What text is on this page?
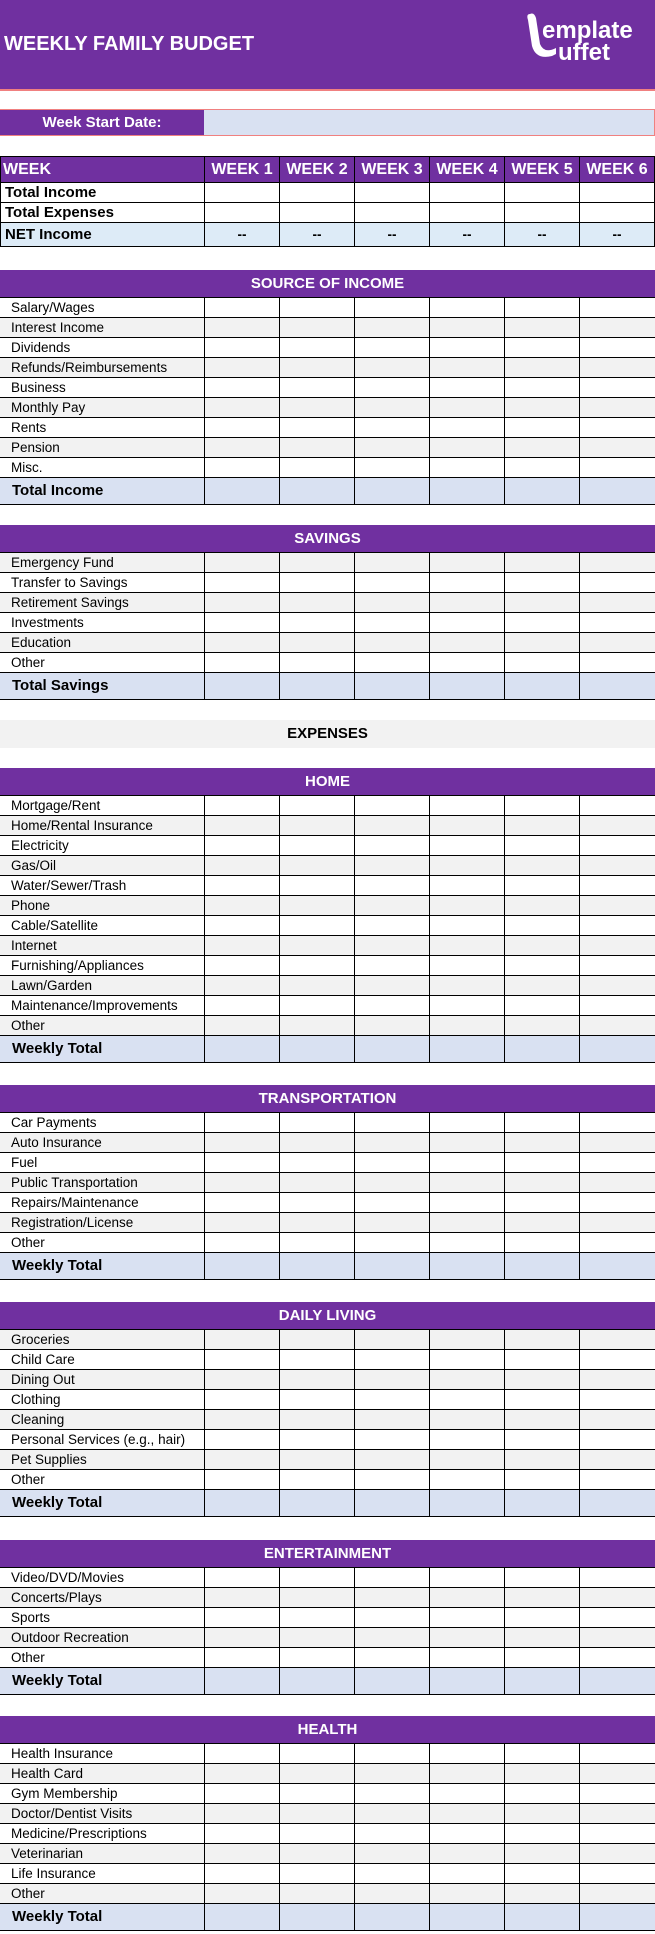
WEEKLY FAMILY BUDGET	emplate
uffet
Week Start Date:
WEEK	WEEK 1	WEEK 2	WEEK 3	WEEK 4	WEEK 5	WEEK 6
Total Income						
Total Expenses						
NET Income	--	--	--	--	--	--
SOURCE OF INCOME						
Salary/Wages						
Interest Income						
Dividends						
Refunds/Reimbursements						
Business						
Monthly Pay						
Rents						
Pension						
Misc.						
Total Income						
SAVINGS						
Emergency Fund						
Transfer to Savings						
Retirement Savings						
Investments						
Education						
Other						
Total Savings						
HOME						
Mortgage/Rent						
Home/Rental Insurance						
Electricity						
Gas/Oil						
Water/Sewer/Trash						
Phone						
Cable/Satellite						
Internet						
Furnishing/Appliances						
Lawn/Garden						
Maintenance/Improvements						
Other						
Weekly Total						
TRANSPORTATION						
Car Payments						
Auto Insurance						
Fuel						
Public Transportation						
Repairs/Maintenance						
Registration/License						
Other						
Weekly Total						
DAILY LIVING						
Groceries						
Child Care						
Dining Out						
Clothing						
Cleaning						
Personal Services (e.g., hair)						
Pet Supplies						
Other						
Weekly Total						
ENTERTAINMENT						
Video/DVD/Movies						
Concerts/Plays						
Sports						
Outdoor Recreation						
Other						
Weekly Total						
HEALTH						
Health Insurance						
Health Card						
Gym Membership						
Doctor/Dentist Visits						
Medicine/Prescriptions						
Veterinarian						
Life Insurance						
Other						
Weekly Total						
EXPENSES
